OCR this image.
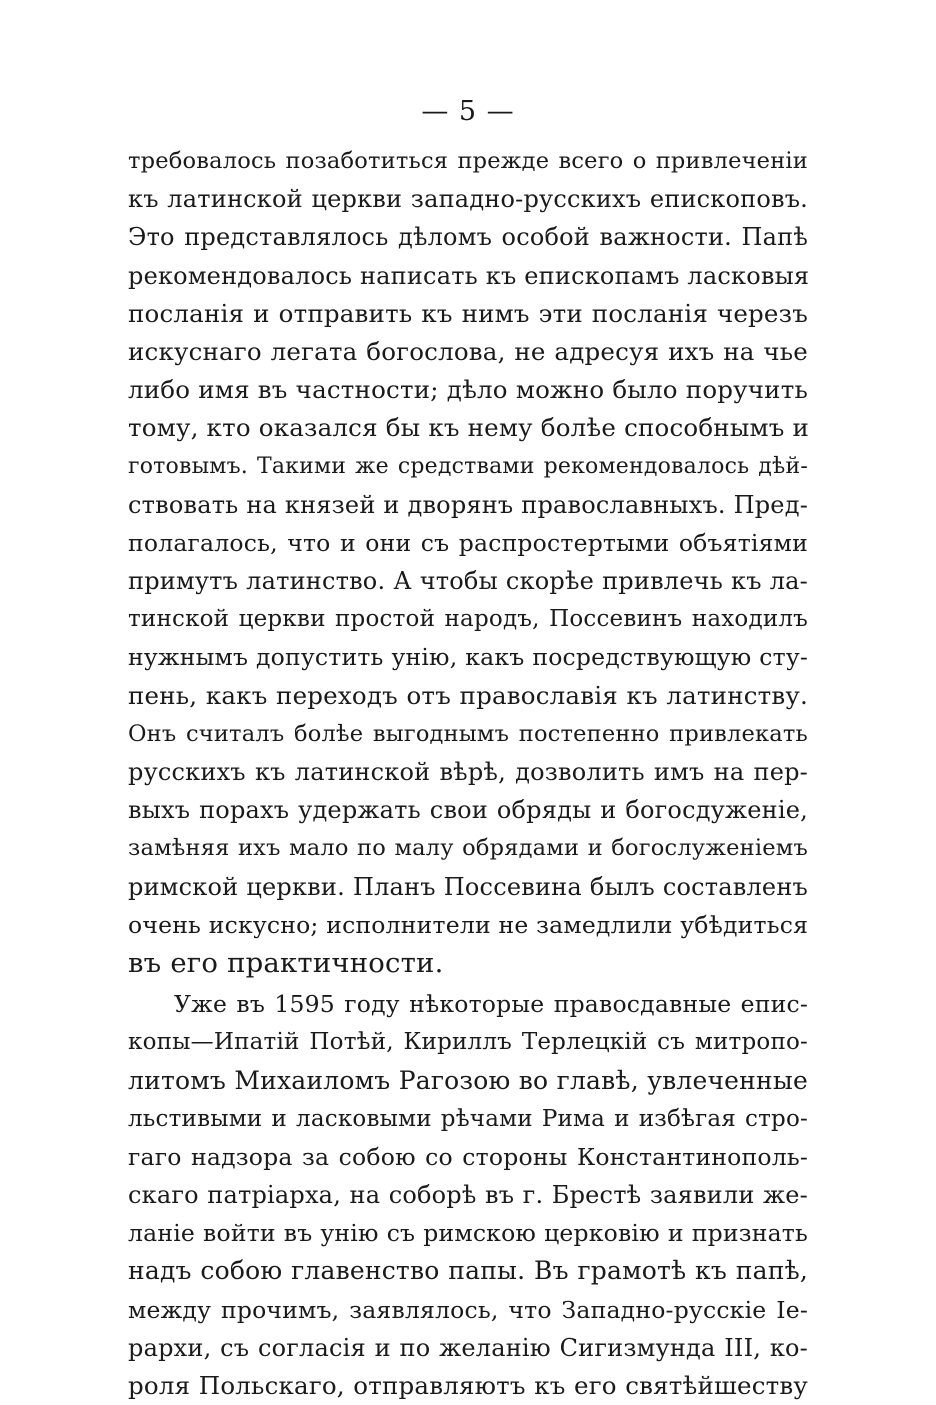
— 5 —
требовалось позаботиться прежде всего о привлеченіи
къ латинской церкви западно-русскихъ епископовъ.
Это представлялось дѣломъ особой важности. Папѣ
рекомендовалось написать къ епископамъ ласковыя
посланія и отправить къ нимъ эти посланія черезъ
искуснаго легата богослова, не адресуя ихъ на чье
либо имя въ частности; дѣло можно было поручить
тому, кто оказался бы къ нему болѣе способнымъ и
готовымъ. Такими же средствами рекомендовалось дѣй-
ствовать на князей и дворянъ православныхъ. Пред-
полагалось, что и они съ распростертыми объятіями
примутъ латинство. А чтобы скорѣе привлечь къ ла-
тинской церкви простой народъ, Поссевинъ находилъ
нужнымъ допустить унію, какъ посредствующую сту-
пень, какъ переходъ отъ православія къ латинству.
Онъ считалъ болѣе выгоднымъ постепенно привлекать
русскихъ къ латинской вѣрѣ, дозволить имъ на пер-
выхъ порахъ удержать свои обряды и богосдуженіе,
замѣняя ихъ мало по малу обрядами и богослуженіемъ
римской церкви. Планъ Поссевина былъ составленъ
очень искусно; исполнители не замедлили убѣдиться
въ его практичности.
Уже въ 1595 году нѣкоторые правосдавные епис-
копы—Ипатій Потѣй, Кириллъ Терлецкій съ митропо-
литомъ Михаиломъ Рагозою во главѣ, увлеченные
льстивыми и ласковыми рѣчами Рима и избѣгая стро-
гаго надзора за собою со стороны Константинополь-
скаго патріарха, на соборѣ въ г. Брестѣ заявили же-
ланіе войти въ унію съ римскою церковію и признать
надъ собою главенство папы. Въ грамотѣ къ папѣ,
между прочимъ, заявлялось, что Западно-русскіе Іе-
рархи, съ согласія и по желанію Сигизмунда III, ко-
роля Польскаго, отправляютъ къ его святѣйшеству
